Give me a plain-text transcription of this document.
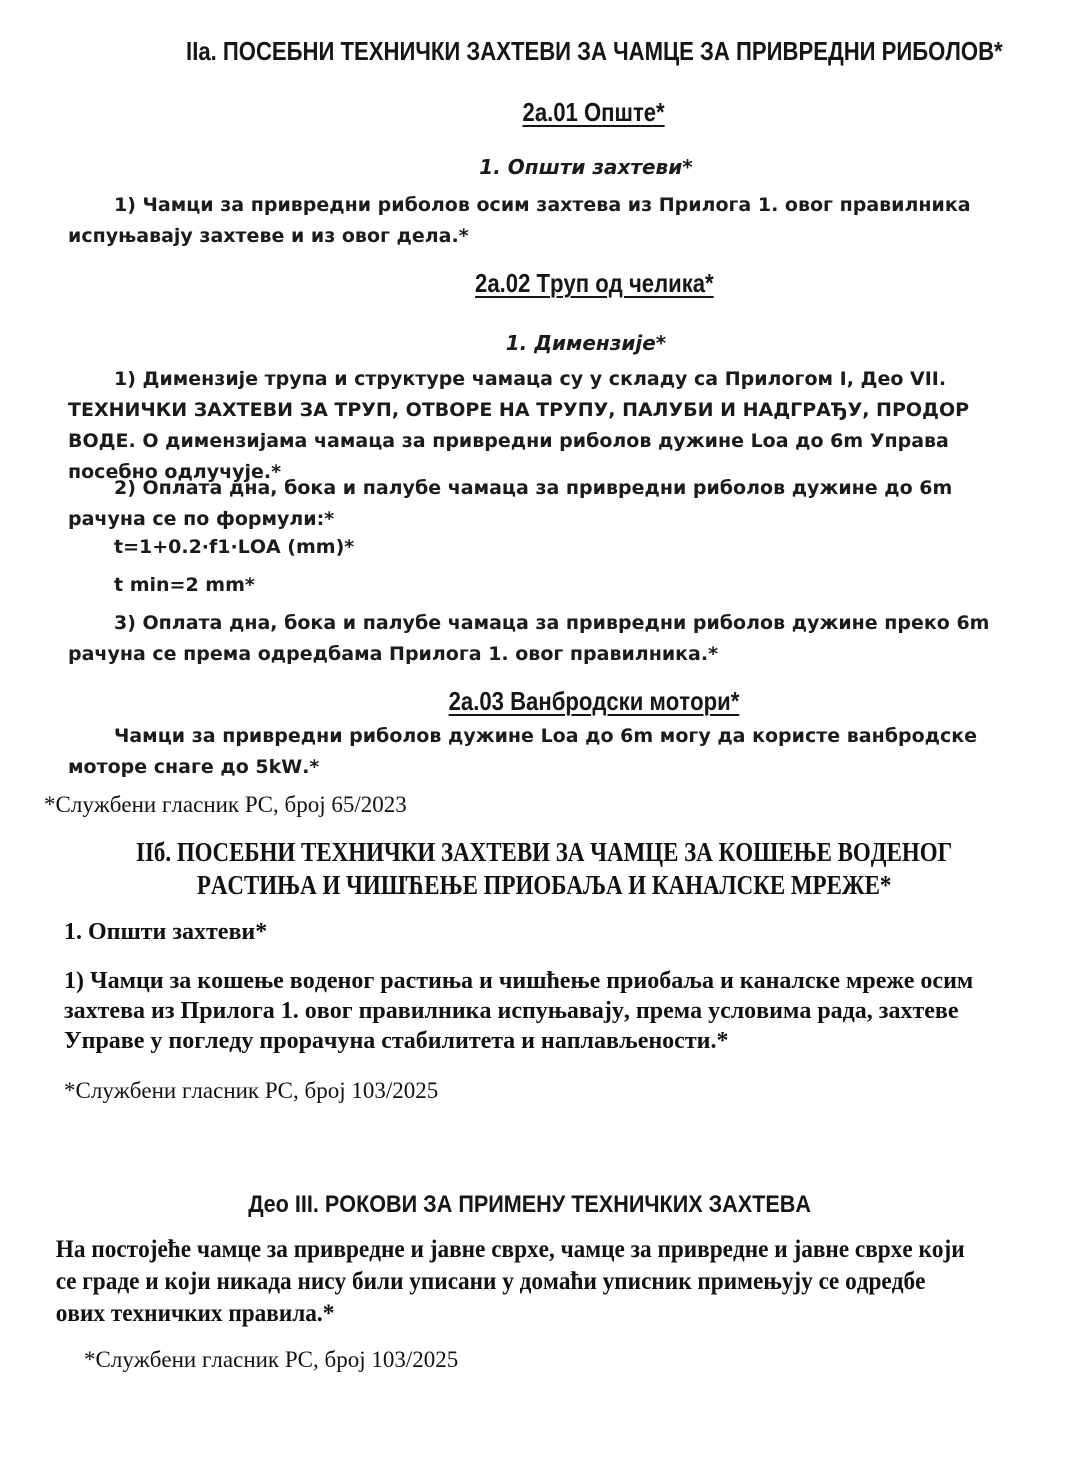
IIа. ПОСЕБНИ ТЕХНИЧКИ ЗАХТЕВИ ЗА ЧАМЦЕ ЗА ПРИВРЕДНИ РИБОЛОВ*
2а.01 Опште*
1. Општи захтеви*
1) Чамци за привредни риболов осим захтева из Прилога 1. овог правилника
испуњавају захтеве и из овог дела.*
2а.02 Труп од челика*
1. Димензије*
1) Димензије трупа и структуре чамаца су у складу са Прилогом I, Део VII.
ТЕХНИЧКИ ЗАХТЕВИ ЗА ТРУП, ОТВОРЕ НА ТРУПУ, ПАЛУБИ И НАДГРАЂУ, ПРОДОР
ВОДЕ. О димензијама чамаца за привредни риболов дужине Loa до 6m Управа
посебно одлучује.*
2) Оплата дна, бока и палубе чамаца за привредни риболов дужине до 6m
рачуна се по формули:*
t=1+0.2·f1·LOA (mm)*
t min=2 mm*
3) Оплата дна, бока и палубе чамаца за привредни риболов дужине преко 6m
рачуна се према одредбама Прилога 1. овог правилника.*
2а.03 Ванбродски мотори*
Чамци за привредни риболов дужине Loa до 6m могу да користе ванбродске
моторе снаге до 5kW.*
*Службени гласник РС, број 65/2023
IIб. ПОСЕБНИ ТЕХНИЧКИ ЗАХТЕВИ ЗА ЧАМЦЕ ЗА КОШЕЊЕ ВОДЕНОГ
РАСТИЊА И ЧИШЋЕЊЕ ПРИОБАЉА И КАНАЛСКЕ МРЕЖЕ*
1. Општи захтеви*
1) Чамци за кошење воденог растиња и чишћење приобаља и каналске мреже осим
захтева из Прилога 1. овог правилника испуњавају, према условима рада, захтеве
Управе у погледу прорачуна стабилитета и наплављености.*
*Службени гласник РС, број 103/2025
Део III. РОКОВИ ЗА ПРИМЕНУ ТЕХНИЧКИХ ЗАХТЕВА
На постојеће чамце за привредне и јавне сврхе, чамце за привредне и јавне сврхе који
се граде и који никада нису били уписани у домаћи уписник примењују се одредбе
ових техничких правила.*
*Службени гласник РС, број 103/2025
